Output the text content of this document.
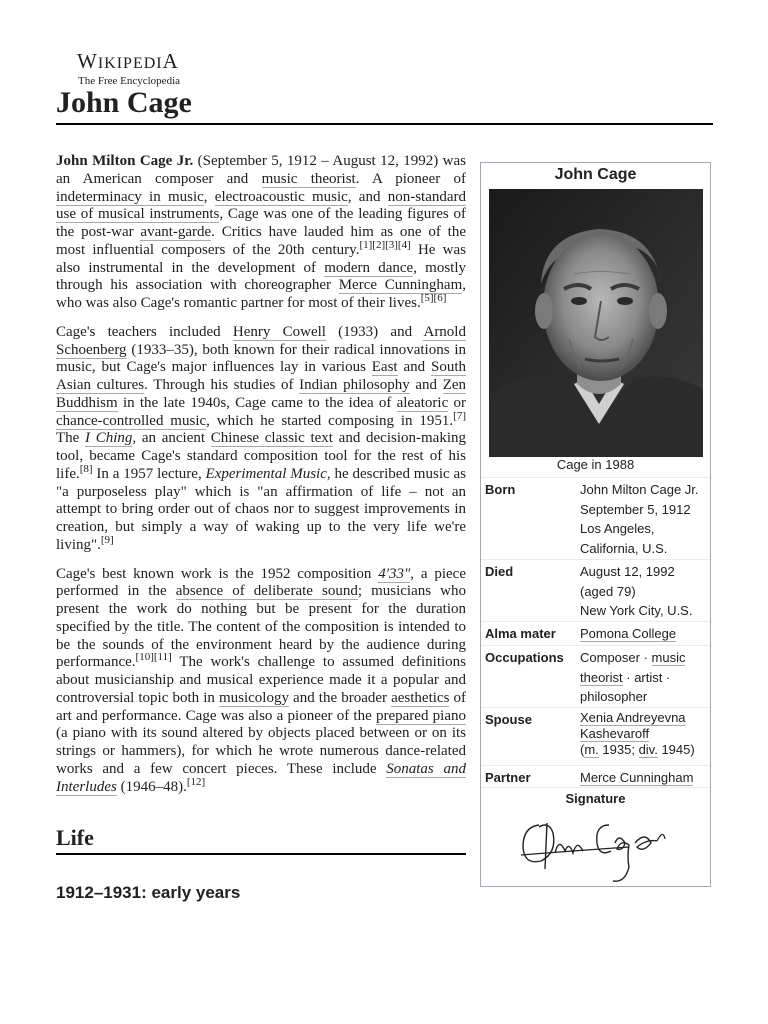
WIKIPEDIA
The Free Encyclopedia
John Cage

John Milton Cage Jr. (September 5, 1912 – August 12, 1992) was an American composer and music theorist. A pioneer of indeterminacy in music, electroacoustic music, and non-standard use of musical instruments, Cage was one of the leading figures of the post-war avant-garde. Critics have lauded him as one of the most influential composers of the 20th century.[1][2][3][4] He was also instrumental in the development of modern dance, mostly through his association with choreographer Merce Cunningham, who was also Cage's romantic partner for most of their lives.[5][6]

Cage's teachers included Henry Cowell (1933) and Arnold Schoenberg (1933–35), both known for their radical innovations in music, but Cage's major influences lay in various East and South Asian cultures. Through his studies of Indian philosophy and Zen Buddhism in the late 1940s, Cage came to the idea of aleatoric or chance-controlled music, which he started composing in 1951.[7] The I Ching, an ancient Chinese classic text and decision-making tool, became Cage's standard composition tool for the rest of his life.[8] In a 1957 lecture, Experimental Music, he described music as "a purposeless play" which is "an affirmation of life – not an attempt to bring order out of chaos nor to suggest improvements in creation, but simply a way of waking up to the very life we're living".[9]

Cage's best known work is the 1952 composition 4′33″, a piece performed in the absence of deliberate sound; musicians who present the work do nothing but be present for the duration specified by the title. The content of the composition is intended to be the sounds of the environment heard by the audience during performance.[10][11] The work's challenge to assumed definitions about musicianship and musical experience made it a popular and controversial topic both in musicology and the broader aesthetics of art and performance. Cage was also a pioneer of the prepared piano (a piano with its sound altered by objects placed between or on its strings or hammers), for which he wrote numerous dance-related works and a few concert pieces. These include Sonatas and Interludes (1946–48).[12]

Life
1912–1931: early years
John Cage
Cage in 1988
Born	John Milton Cage Jr.
September 5, 1912
Los Angeles,
California, U.S.
Died	August 12, 1992
(aged 79)
New York City, U.S.
Alma mater	Pomona College
Occupations	Composer · music theorist · artist · philosopher
Spouse	Xenia Andreyevna Kashevaroff
(m. 1935; div. 1945)
Partner	Merce Cunningham
Signature
